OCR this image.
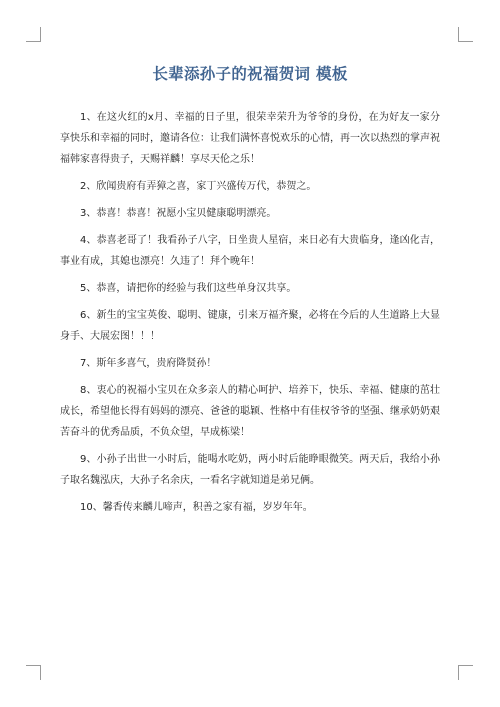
长辈添孙子的祝福贺词 模板

1、在这火红的x月、幸福的日子里，很荣幸荣升为爷爷的身份，在为好友一家分享快乐和幸福的同时，邀请各位：让我们满怀喜悦欢乐的心情，再一次以热烈的掌声祝福韩家喜得贵子，天赐祥麟！享尽天伦之乐！

2、欣闻贵府有弄獐之喜，家丁兴盛传万代，恭贺之。

3、恭喜！恭喜！祝愿小宝贝健康聪明漂亮。

4、恭喜老哥了！我看孙子八字，日坐贵人星宿，来日必有大贵临身，逢凶化吉，事业有成，其媳也漂亮！久违了！拜个晚年！

5、恭喜，请把你的经验与我们这些单身汉共享。

6、新生的宝宝英俊、聪明、键康，引来万福齐聚，必将在今后的人生道路上大显身手、大展宏图！！！

7、斯年多喜气，贵府降贤孙！

8、衷心的祝福小宝贝在众多亲人的精心呵护、培养下，快乐、幸福、健康的茁壮成长，希望他长得有妈妈的漂亮、爸爸的聪颖、性格中有佳权爷爷的坚强、继承奶奶艰苦奋斗的优秀品质，不负众望，早成栋梁！

9、小孙子出世一小时后，能喝水吃奶，两小时后能睁眼微笑。两天后，我给小孙子取名魏泓庆，大孙子名余庆，一看名字就知道是弟兄俩。

10、馨香传来麟儿啼声，积善之家有福，岁岁年年。
